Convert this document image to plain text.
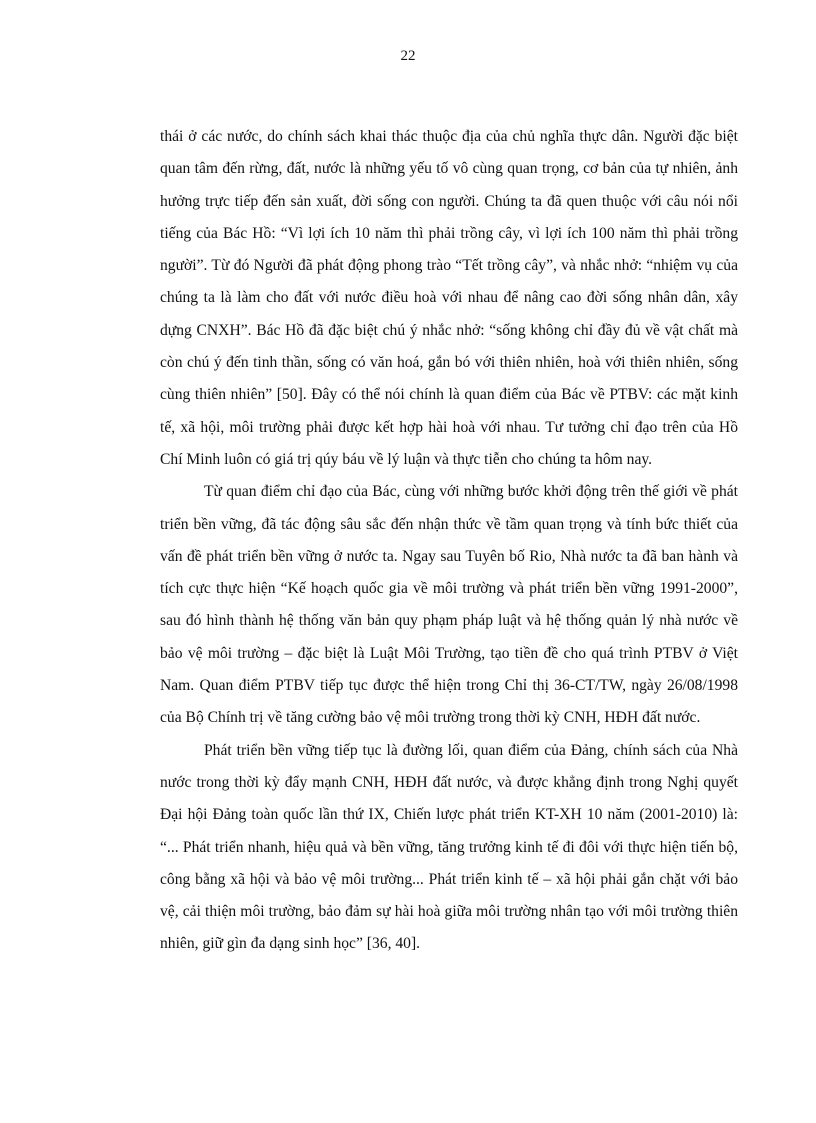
22

thái ở các nước, do chính sách khai thác thuộc địa của chủ nghĩa thực dân. Người đặc biệt quan tâm đến rừng, đất, nước là những yếu tố vô cùng quan trọng, cơ bản của tự nhiên, ảnh hưởng trực tiếp đến sản xuất, đời sống con người. Chúng ta đã quen thuộc với câu nói nổi tiếng của Bác Hồ: “Vì lợi ích 10 năm thì phải trồng cây, vì lợi ích 100 năm thì phải trồng người”. Từ đó Người đã phát động phong trào “Tết trồng cây”, và nhắc nhở: “nhiệm vụ của chúng ta là làm cho đất với nước điều hoà với nhau để nâng cao đời sống nhân dân, xây dựng CNXH”. Bác Hồ đã đặc biệt chú ý nhắc nhở: “sống không chỉ đầy đủ về vật chất mà còn chú ý đến tinh thần, sống có văn hoá, gắn bó với thiên nhiên, hoà với thiên nhiên, sống cùng thiên nhiên” [50]. Đây có thể nói chính là quan điểm của Bác về PTBV: các mặt kinh tế, xã hội, môi trường phải được kết hợp hài hoà với nhau. Tư tưởng chỉ đạo trên của Hồ Chí Minh luôn có giá trị qúy báu về lý luận và thực tiễn cho chúng ta hôm nay.

Từ quan điểm chỉ đạo của Bác, cùng với những bước khởi động trên thế giới về phát triển bền vững, đã tác động sâu sắc đến nhận thức về tầm quan trọng và tính bức thiết của vấn đề phát triển bền vững ở nước ta. Ngay sau Tuyên bố Rio, Nhà nước ta đã ban hành và tích cực thực hiện “Kế hoạch quốc gia về môi trường và phát triển bền vững 1991-2000”, sau đó hình thành hệ thống văn bản quy phạm pháp luật và hệ thống quản lý nhà nước về bảo vệ môi trường – đặc biệt là Luật Môi Trường, tạo tiền đề cho quá trình PTBV ở Việt Nam. Quan điểm PTBV tiếp tục được thể hiện trong Chỉ thị 36-CT/TW, ngày 26/08/1998 của Bộ Chính trị về tăng cường bảo vệ môi trường trong thời kỳ CNH, HĐH đất nước.

Phát triển bền vững tiếp tục là đường lối, quan điểm của Đảng, chính sách của Nhà nước trong thời kỳ đẩy mạnh CNH, HĐH đất nước, và được khẳng định trong Nghị quyết Đại hội Đảng toàn quốc lần thứ IX, Chiến lược phát triển KT-XH 10 năm (2001-2010) là: “... Phát triển nhanh, hiệu quả và bền vững, tăng trưởng kinh tế đi đôi với thực hiện tiến bộ, công bằng xã hội và bảo vệ môi trường... Phát triển kinh tế – xã hội phải gắn chặt với bảo vệ, cải thiện môi trường, bảo đảm sự hài hoà giữa môi trường nhân tạo với môi trường thiên nhiên, giữ gìn đa dạng sinh học” [36, 40].
